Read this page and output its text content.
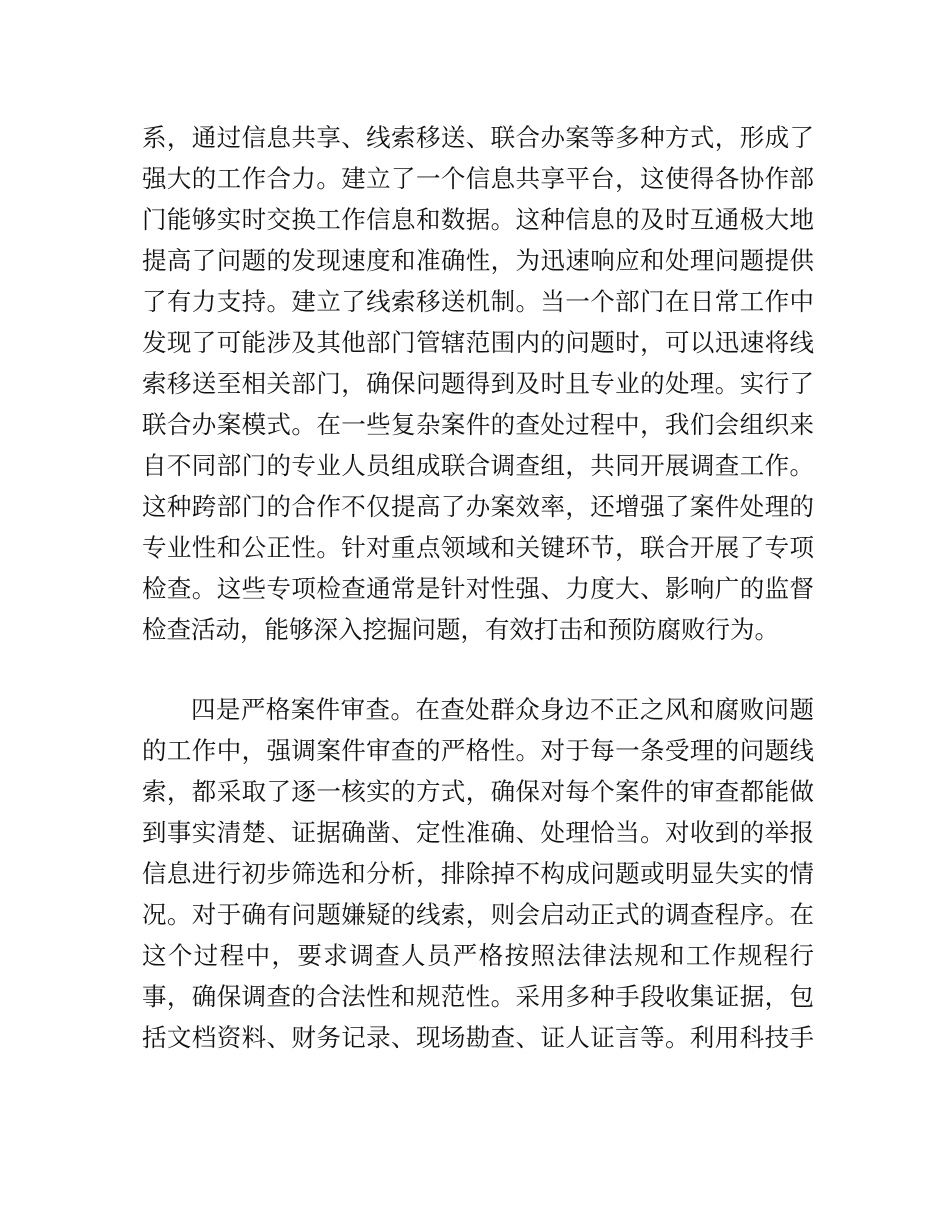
系，通过信息共享、线索移送、联合办案等多种方式，形成了
强大的工作合力。建立了一个信息共享平台，这使得各协作部
门能够实时交换工作信息和数据。这种信息的及时互通极大地
提高了问题的发现速度和准确性，为迅速响应和处理问题提供
了有力支持。建立了线索移送机制。当一个部门在日常工作中
发现了可能涉及其他部门管辖范围内的问题时，可以迅速将线
索移送至相关部门，确保问题得到及时且专业的处理。实行了
联合办案模式。在一些复杂案件的查处过程中，我们会组织来
自不同部门的专业人员组成联合调查组，共同开展调查工作。
这种跨部门的合作不仅提高了办案效率，还增强了案件处理的
专业性和公正性。针对重点领域和关键环节，联合开展了专项
检查。这些专项检查通常是针对性强、力度大、影响广的监督
检查活动，能够深入挖掘问题，有效打击和预防腐败行为。
四是严格案件审查。在查处群众身边不正之风和腐败问题
的工作中，强调案件审查的严格性。对于每一条受理的问题线
索，都采取了逐一核实的方式，确保对每个案件的审查都能做
到事实清楚、证据确凿、定性准确、处理恰当。对收到的举报
信息进行初步筛选和分析，排除掉不构成问题或明显失实的情
况。对于确有问题嫌疑的线索，则会启动正式的调查程序。在
这个过程中，要求调查人员严格按照法律法规和工作规程行
事，确保调查的合法性和规范性。采用多种手段收集证据，包
括文档资料、财务记录、现场勘查、证人证言等。利用科技手
